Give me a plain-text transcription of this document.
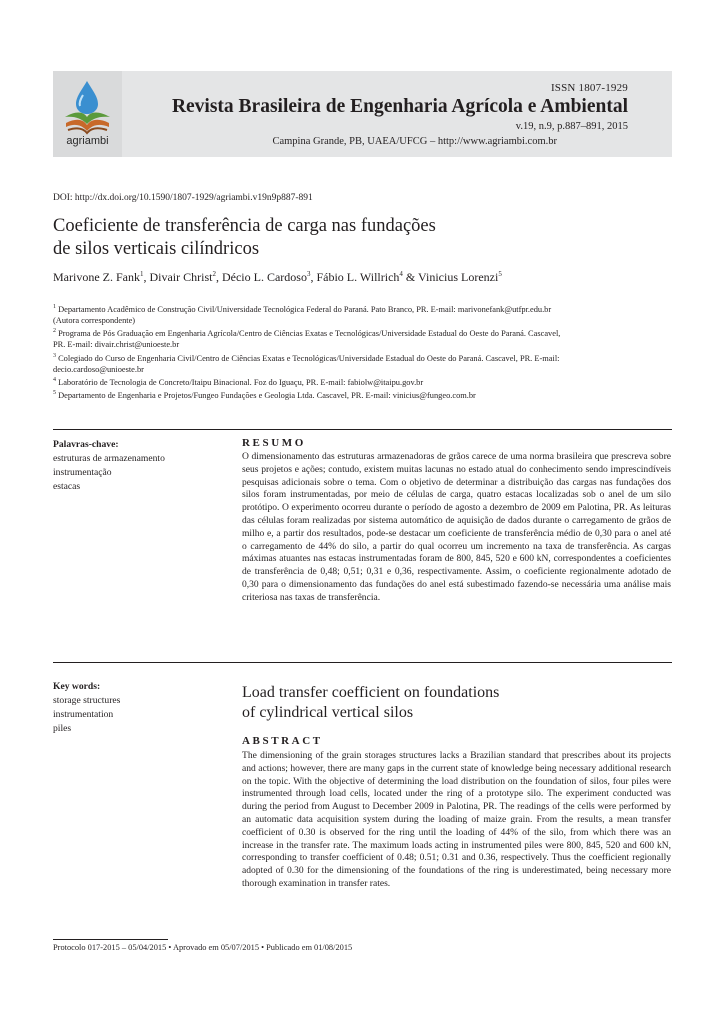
agriambi
ISSN 1807-1929
Revista Brasileira de Engenharia Agrícola e Ambiental
v.19, n.9, p.887–891, 2015
Campina Grande, PB, UAEA/UFCG – http://www.agriambi.com.br
DOI: http://dx.doi.org/10.1590/1807-1929/agriambi.v19n9p887-891
Coeficiente de transferência de carga nas fundações
de silos verticais cilíndricos
Marivone Z. Fank$^1$, Divair Christ$^2$, Décio L. Cardoso$^3$, Fábio L. Willrich$^4$ & Vinicius Lorenzi$^5$
$^1$ Departamento Acadêmico de Construção Civil/Universidade Tecnológica Federal do Paraná. Pato Branco, PR. E-mail: marivonefank@utfpr.edu.br
(Autora correspondente)
$^2$ Programa de Pós Graduação em Engenharia Agrícola/Centro de Ciências Exatas e Tecnológicas/Universidade Estadual do Oeste do Paraná. Cascavel,
PR. E-mail: divair.christ@unioeste.br
$^3$ Colegiado do Curso de Engenharia Civil/Centro de Ciências Exatas e Tecnológicas/Universidade Estadual do Oeste do Paraná. Cascavel, PR. E-mail:
decio.cardoso@unioeste.br
$^4$ Laboratório de Tecnologia de Concreto/Itaipu Binacional. Foz do Iguaçu, PR. E-mail: fabiolw@itaipu.gov.br
$^5$ Departamento de Engenharia e Projetos/Fungeo Fundações e Geologia Ltda. Cascavel, PR. E-mail: vinicius@fungeo.com.br
Palavras-chave:
estruturas de armazenamento
instrumentação
estacas
RESUMO

O dimensionamento das estruturas armazenadoras de grãos carece de uma norma brasileira que prescreva sobre seus projetos e ações; contudo, existem muitas lacunas no estado atual do conhecimento sendo imprescindíveis pesquisas adicionais sobre o tema. Com o objetivo de determinar a distribuição das cargas nas fundações dos silos foram instrumentadas, por meio de células de carga, quatro estacas localizadas sob o anel de um silo protótipo. O experimento ocorreu durante o período de agosto a dezembro de 2009 em Palotina, PR. As leituras das células foram realizadas por sistema automático de aquisição de dados durante o carregamento de grãos de milho e, a partir dos resultados, pode-se destacar um coeficiente de transferência médio de 0,30 para o anel até o carregamento de 44% do silo, a partir do qual ocorreu um incremento na taxa de transferência. As cargas máximas atuantes nas estacas instrumentadas foram de 800, 845, 520 e 600 kN, correspondentes a coeficientes de transferência de 0,48; 0,51; 0,31 e 0,36, respectivamente. Assim, o coeficiente regionalmente adotado de 0,30 para o dimensionamento das fundações do anel está subestimado fazendo-se necessária uma análise mais criteriosa nas taxas de transferência.

Key words:
storage structures
instrumentation
piles
Load transfer coefficient on foundations
of cylindrical vertical silos
ABSTRACT

The dimensioning of the grain storages structures lacks a Brazilian standard that prescribes about its projects and actions; however, there are many gaps in the current state of knowledge being necessary additional research on the topic. With the objective of determining the load distribution on the foundation of silos, four piles were instrumented through load cells, located under the ring of a prototype silo. The experiment conducted was during the period from August to December 2009 in Palotina, PR. The readings of the cells were performed by an automatic data acquisition system during the loading of maize grain. From the results, a mean transfer coefficient of 0.30 is observed for the ring until the loading of 44% of the silo, from which there was an increase in the transfer rate. The maximum loads acting in instrumented piles were 800, 845, 520 and 600 kN, corresponding to transfer coefficient of 0.48; 0.51; 0.31 and 0.36, respectively. Thus the coefficient regionally adopted of 0.30 for the dimensioning of the foundations of the ring is underestimated, being necessary more thorough examination in transfer rates.

Protocolo 017-2015 – 05/04/2015 • Aprovado em 05/07/2015 • Publicado em 01/08/2015
